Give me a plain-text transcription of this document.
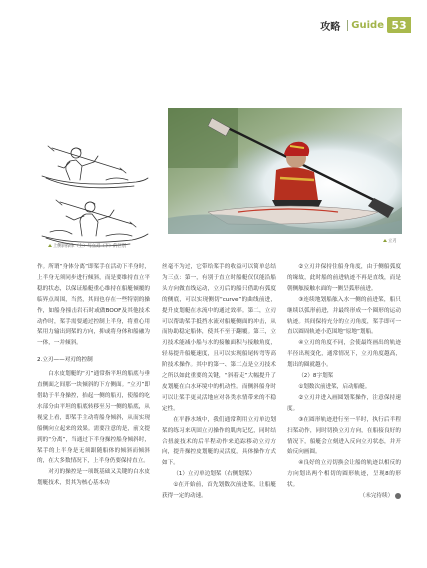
攻略 Guide 53
上侧斜撑体（上）与立刃（下）的区别
立刃

作。所谓“身体分离”即桨手在活动下半身时，上半身无须同步进行倾斜，而是要维持直立平稳的状态，以保证船艇重心维持在船艇倾覆的临界点周围，当然，其间也存在一些特别的操作，如船身撞击岩石时或做BOOF及其他技术动作时，桨手需要通过控制上半身，将重心用桨用力输出到桨的方向，抑或将身体和船融为一体，一并倾斜。

2.立刃——对刃的控制

白水皮划艇的“刃”通常指平坦的船底与垂直侧面之间那一块倾斜的下方侧面。“立刃”即借助于半身操控，抬起一侧的船刃，使船的吃水部分由平坦的船底转移至另一侧的船底，从视觉上看，即桨手主动将船身倾斜，从而实现船侧向立起来的效果。需要注意的是，前文提到的“分离”，当通过下半身操控船身倾斜时，桨手的上半身是无须跟随船体的倾斜而倾斜的，在大多数情况下，上半身仍要保持直立。

对刃的操控是一项既基础又关键的白水皮划艇技术，贯其为核心基本功

丝毫不为过，它带给桨手的收益可以简单总结为三点：第一，有别于直立时船艇仅仅能沿船头方向做直线运动，立刃后的船只借助有弧度的侧底，可以实现侧切“curve”的曲线前进，提升皮划艇在水流中的通过效率。第二，立刃可以帮助桨手抵挡水流对船艇侧面的冲击，从而协助稳定船体，使其不至于翻覆。第三，立刃技术能减小船与水的接触面积与接触角度，轻易提升船艇速度，且可以实现船尾转弯等高阶技术操作。其中的第一、第二点是立刃技术之所以如此重要的关键，“斜着走”大幅提升了皮划艇在白水环境中的机动性。而侧斜船身时可以让桨手更灵活地应对各类水情带来的不稳定性。

在平静水域中，我们通常利用立刃单边划桨的练习来巩固立刃操作的肌肉记忆，同时结合扭旋技术的后半程动作来追踪移动立刃方向，提升操控皮划艇的灵活度，具体操作方式如下。

（1）立刃单边划桨（右侧划桨）

①在开始前，首先划数次前进桨，让船艇获得一定的动速。

②立刃并保持住船身角度，由于侧船弧度的缘故，此时船的前进轨迹不再是直线，而是朝侧舷接触水面的一侧呈弧形前进。

③连续地划船舷入水一侧的前进桨，船只继续以弧形前进，并最终形成一个圈形的运动轨迹。其间保持充分的立刃角度，桨手即可一直以圆周轨迹小范围地“原地”划船。

④立刃的角度不同，会使最终画出的轨迹半径出现变化，通常情况下，立刃角度越高，划出的圈就越小。

（2）8字划桨

①划数次前进桨，启动船艇。

②立刃并进入画圆划桨操作，注意保持速度。

③在圆形轨迹进行至一半时，执行后半程扫桨动作，同时切换立刃方向，在船接良好的情况下，船艇会立刻进入反向立刃状态，并开始反向画圆。

④良好的立刃切换会让船的轨迹以相反的方向划出两个相切的圆形轨迹，呈现8的形状。

（未完待续）
